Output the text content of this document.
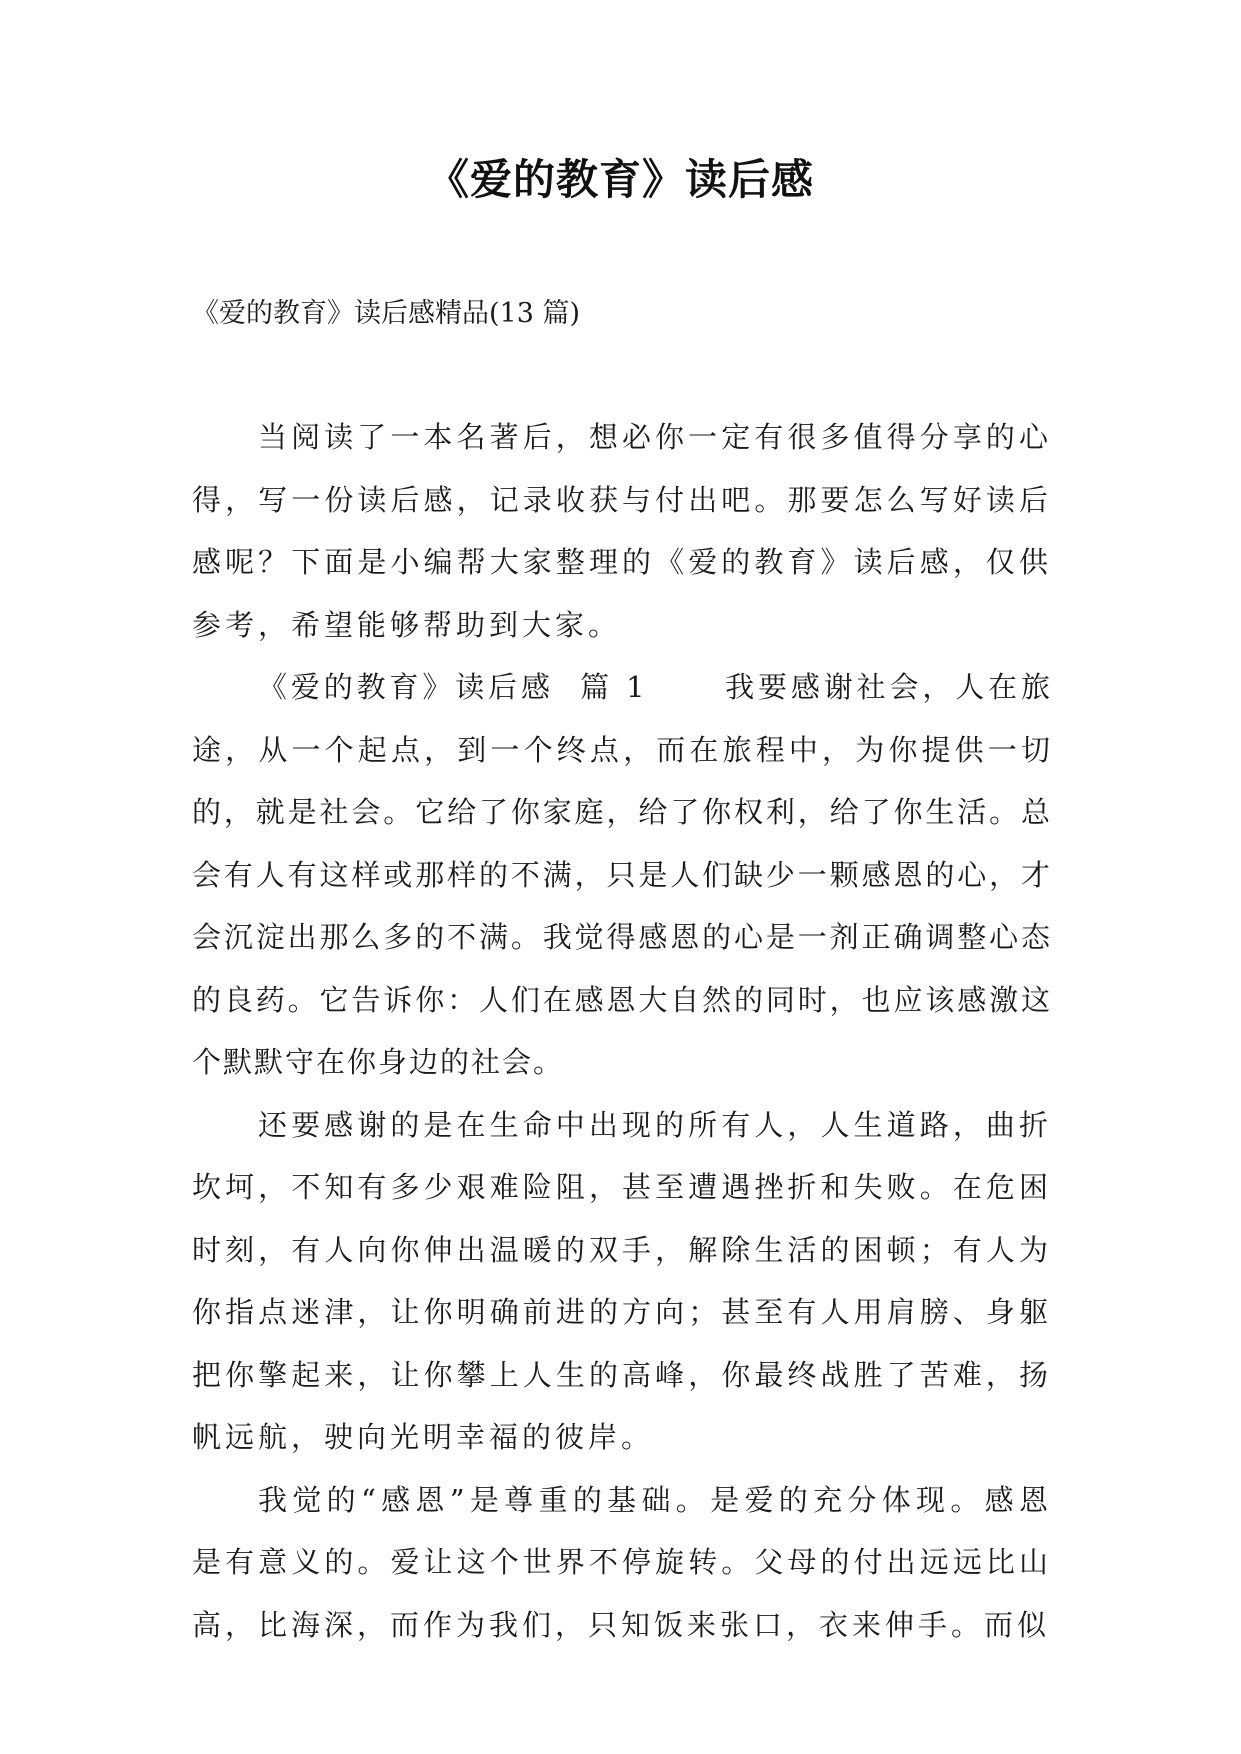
《爱的教育》读后感
《爱的教育》读后感精品(13 篇)

当阅读了一本名著后，想必你一定有很多值得分享的心得，写一份读后感，记录收获与付出吧。那要怎么写好读后感呢？下面是小编帮大家整理的《爱的教育》读后感，仅供参考，希望能够帮助到大家。

《爱的教育》读后感  篇 1      我要感谢社会，人在旅途，从一个起点，到一个终点，而在旅程中，为你提供一切的，就是社会。它给了你家庭，给了你权利，给了你生活。总会有人有这样或那样的不满，只是人们缺少一颗感恩的心，才会沉淀出那么多的不满。我觉得感恩的心是一剂正确调整心态的良药。它告诉你：人们在感恩大自然的同时，也应该感激这个默默守在你身边的社会。

还要感谢的是在生命中出现的所有人，人生道路，曲折坎坷，不知有多少艰难险阻，甚至遭遇挫折和失败。在危困时刻，有人向你伸出温暖的双手，解除生活的困顿；有人为你指点迷津，让你明确前进的方向；甚至有人用肩膀、身躯把你擎起来，让你攀上人生的高峰，你最终战胜了苦难，扬帆远航，驶向光明幸福的彼岸。

我觉的“感恩”是尊重的基础。是爱的充分体现。感恩是有意义的。爱让这个世界不停旋转。父母的付出远远比山高，比海深，而作为我们，只知饭来张口，衣来伸手。而似
